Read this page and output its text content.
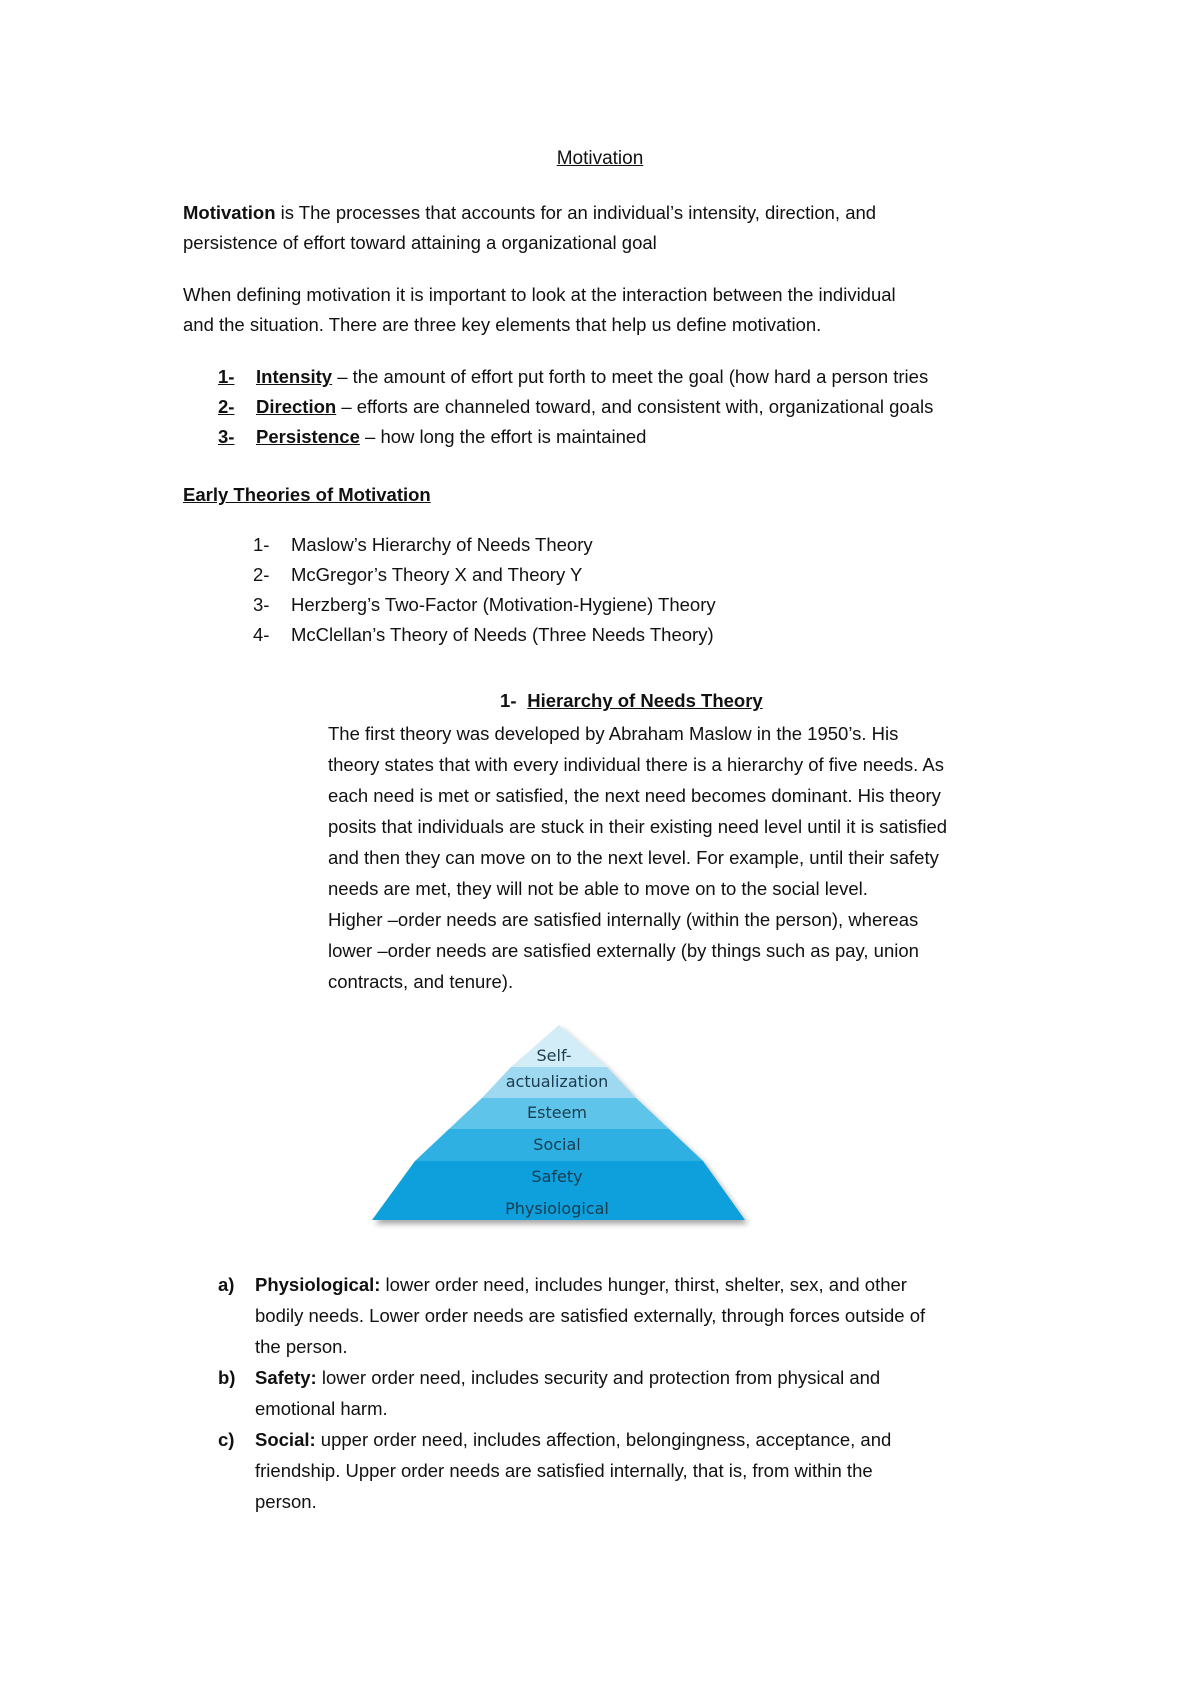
Motivation
Motivation is The processes that accounts for an individual’s intensity, direction, and
persistence of effort toward attaining a organizational goal
When defining motivation it is important to look at the interaction between the individual
and the situation. There are three key elements that help us define motivation.
1- Intensity – the amount of effort put forth to meet the goal (how hard a person tries
2- Direction – efforts are channeled toward, and consistent with, organizational goals
3- Persistence – how long the effort is maintained
Early Theories of Motivation
1- Maslow’s Hierarchy of Needs Theory
2- McGregor’s Theory X and Theory Y
3- Herzberg’s Two-Factor (Motivation-Hygiene) Theory
4- McClellan’s Theory of Needs (Three Needs Theory)
1- Hierarchy of Needs Theory
The first theory was developed by Abraham Maslow in the 1950’s. His
theory states that with every individual there is a hierarchy of five needs. As
each need is met or satisfied, the next need becomes dominant. His theory
posits that individuals are stuck in their existing need level until it is satisfied
and then they can move on to the next level. For example, until their safety
needs are met, they will not be able to move on to the social level.
Higher –order needs are satisfied internally (within the person), whereas
lower –order needs are satisfied externally (by things such as pay, union
contracts, and tenure).
Self-
actualization
Esteem
Social
Safety
Physiological
a) Physiological: lower order need, includes hunger, thirst, shelter, sex, and other
bodily needs. Lower order needs are satisfied externally, through forces outside of
the person.
b) Safety: lower order need, includes security and protection from physical and
emotional harm.
c) Social: upper order need, includes affection, belongingness, acceptance, and
friendship. Upper order needs are satisfied internally, that is, from within the
person.
